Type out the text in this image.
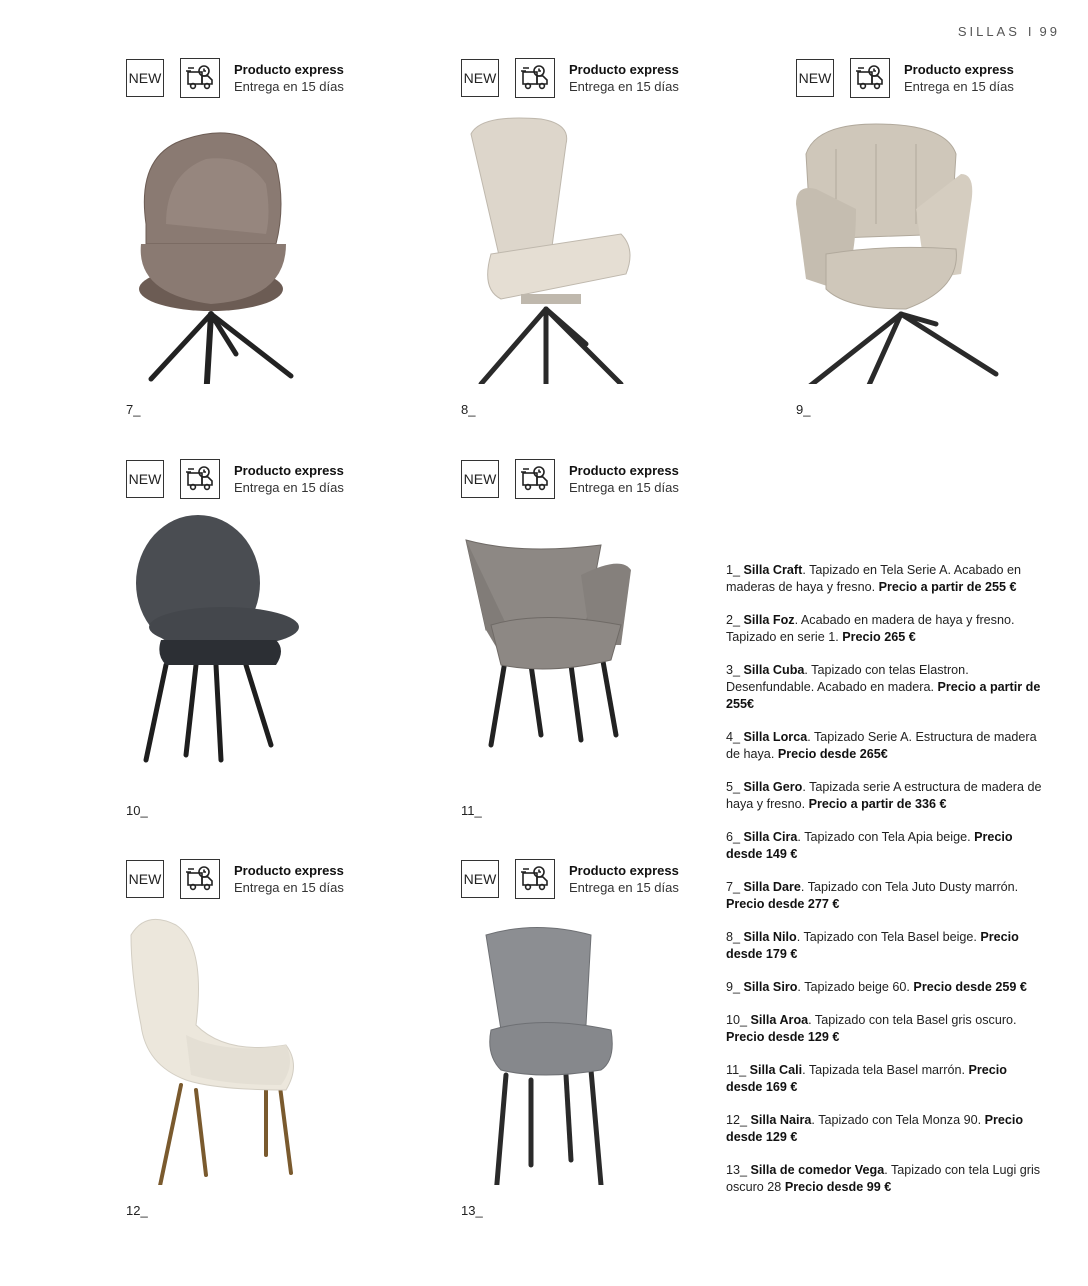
SILLAS I 99
NEW
Producto express
Entrega en 15 días
7_
NEW
Producto express
Entrega en 15 días
8_
NEW
Producto express
Entrega en 15 días
9_
NEW
Producto express
Entrega en 15 días
10_
NEW
Producto express
Entrega en 15 días
11_
NEW
Producto express
Entrega en 15 días
12_
NEW
Producto express
Entrega en 15 días
13_
1_ Silla Craft. Tapizado en Tela Serie A. Acabado en maderas de haya y fresno. Precio a partir de 255 €
2_ Silla Foz. Acabado en madera de haya y fresno. Tapizado en serie 1. Precio 265 €
3_ Silla Cuba. Tapizado con telas Elastron. Desenfundable. Acabado en madera. Precio a partir de 255€
4_ Silla Lorca. Tapizado Serie A. Estructura de madera de haya. Precio desde 265€
5_ Silla Gero. Tapizada serie A estructura de madera de haya y fresno. Precio a partir de 336 €
6_ Silla Cira. Tapizado con Tela Apia beige. Precio desde 149 €
7_ Silla Dare. Tapizado con Tela Juto Dusty marrón. Precio desde 277 €
8_ Silla Nilo. Tapizado con Tela Basel beige. Precio desde 179 €
9_ Silla Siro. Tapizado beige 60. Precio desde 259 €
10_ Silla Aroa. Tapizado con tela Basel gris oscuro. Precio desde 129 €
11_ Silla Cali. Tapizada tela Basel marrón. Precio desde 169 €
12_ Silla Naira. Tapizado con Tela Monza 90. Precio desde 129 €
13_ Silla de comedor Vega. Tapizado con tela Lugi gris oscuro 28 Precio desde 99 €
